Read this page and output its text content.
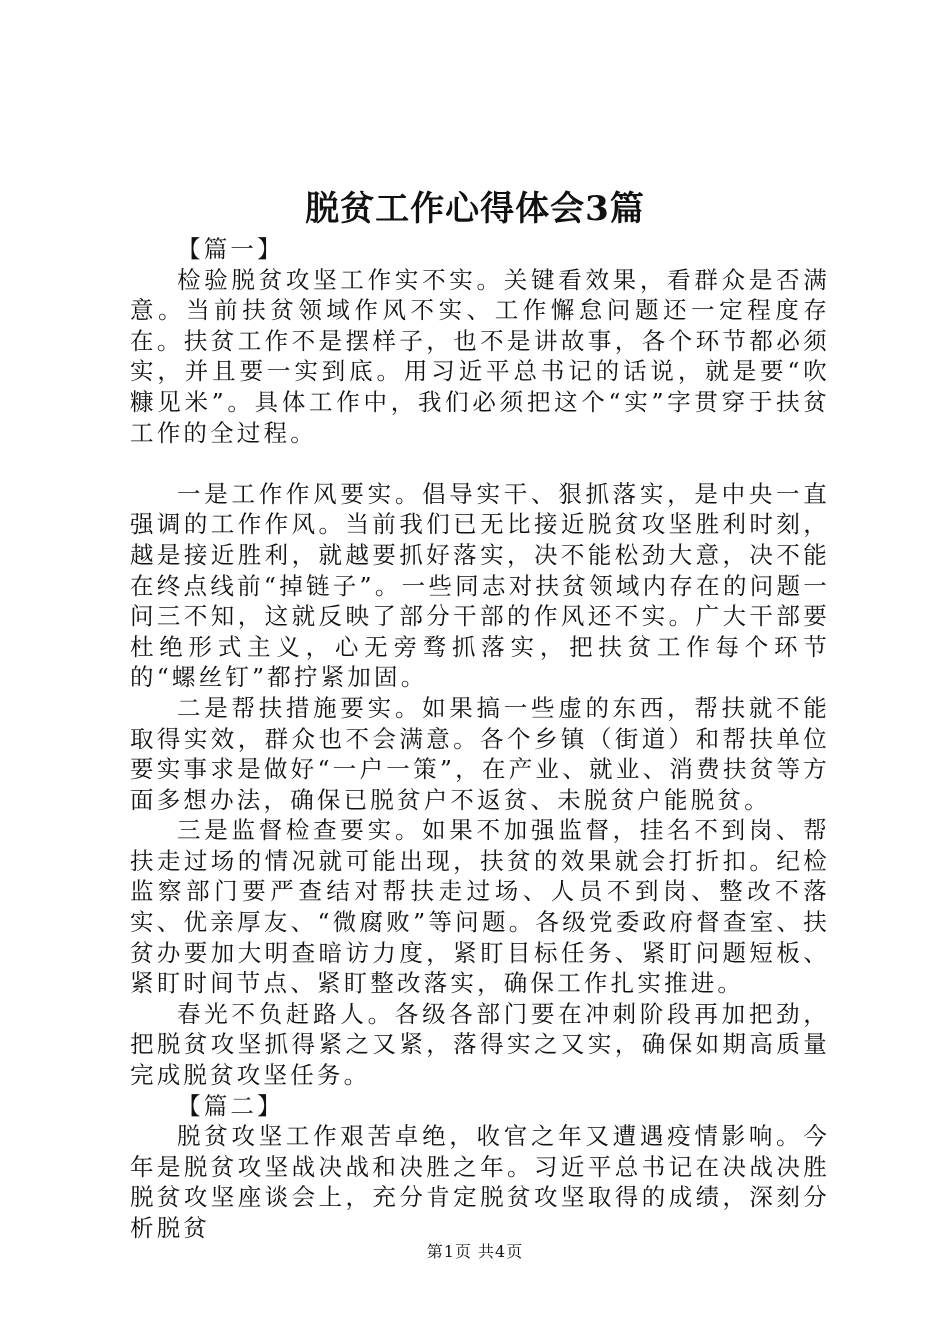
脱贫工作心得体会3篇

【篇一】

检验脱贫攻坚工作实不实。关键看效果，看群众是否满意。当前扶贫领域作风不实、工作懈怠问题还一定程度存在。扶贫工作不是摆样子，也不是讲故事，各个环节都必须实，并且要一实到底。用习近平总书记的话说，就是要“吹糠见米”。具体工作中，我们必须把这个“实”字贯穿于扶贫工作的全过程。

一是工作作风要实。倡导实干、狠抓落实，是中央一直强调的工作作风。当前我们已无比接近脱贫攻坚胜利时刻，越是接近胜利，就越要抓好落实，决不能松劲大意，决不能在终点线前“掉链子”。一些同志对扶贫领域内存在的问题一问三不知，这就反映了部分干部的作风还不实。广大干部要杜绝形式主义，心无旁骛抓落实，把扶贫工作每个环节的“螺丝钉”都拧紧加固。

二是帮扶措施要实。如果搞一些虚的东西，帮扶就不能取得实效，群众也不会满意。各个乡镇（街道）和帮扶单位要实事求是做好“一户一策”，在产业、就业、消费扶贫等方面多想办法，确保已脱贫户不返贫、未脱贫户能脱贫。

三是监督检查要实。如果不加强监督，挂名不到岗、帮扶走过场的情况就可能出现，扶贫的效果就会打折扣。纪检监察部门要严查结对帮扶走过场、人员不到岗、整改不落实、优亲厚友、“微腐败”等问题。各级党委政府督查室、扶贫办要加大明查暗访力度，紧盯目标任务、紧盯问题短板、紧盯时间节点、紧盯整改落实，确保工作扎实推进。

春光不负赶路人。各级各部门要在冲刺阶段再加把劲，把脱贫攻坚抓得紧之又紧，落得实之又实，确保如期高质量完成脱贫攻坚任务。

【篇二】

脱贫攻坚工作艰苦卓绝，收官之年又遭遇疫情影响。今年是脱贫攻坚战决战和决胜之年。习近平总书记在决战决胜脱贫攻坚座谈会上，充分肯定脱贫攻坚取得的成绩，深刻分析脱贫

第1页 共4页
